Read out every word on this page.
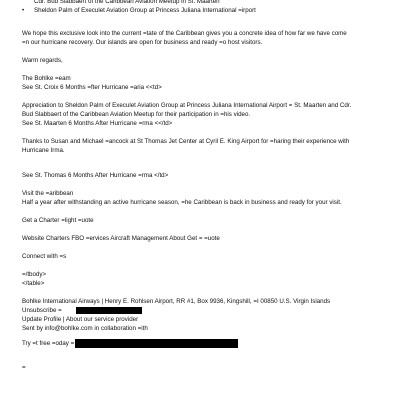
Cdr. Bud Slabbaert of the Caribbean Aviation Meetup in St. Maarten
•	Sheldon Palm of Execulet Aviation Group at Princess Juliana International =irport
We hope this exclusive look into the current =tate of the Caribbean gives you a concrete idea of how far we have come
=n our hurricane recovery. Our islands are open for business and ready =o host visitors.
Warm regards,
The Bohlke =eam
See St. Croix 6 Months =fter Hurricane =aria <<td>
Appreciation to Sheldon Palm of Execulet Aviation Group at Princess Juliana International Airport = St. Maarten and Cdr.
Bud Slabbaert of the Caribbean Aviation Meetup for their participation in =his video.
See St. Maarten 6 Months After Hurricane =rma <</td>
Thanks to Susan and Michael =ancock at St Thomas Jet Center at Cyril E. King Airport for =haring their experience with
Hurricane Irma.
See St. Thomas 6 Months After Hurricane =rma </td>
Visit the =aribbean
Half a year after withstanding an active hurricane season, =he Caribbean is back in business and ready for your visit.
Get a Charter =light =uote
Website Charters FBO =ervices Aircraft Management About Get = =uote
Connect with =s
=/tbody>
</table>
Bohlke International Airways | Henry E. Rohlsen Airport, RR #1, Box 9936, Kingshill, =I 00850 U.S. Virgin Islands
Unsubscribe =
Update Profile | About our service provider
Sent by info@bohlke.com in collaboration =ith
Try =t free =oday =
=
